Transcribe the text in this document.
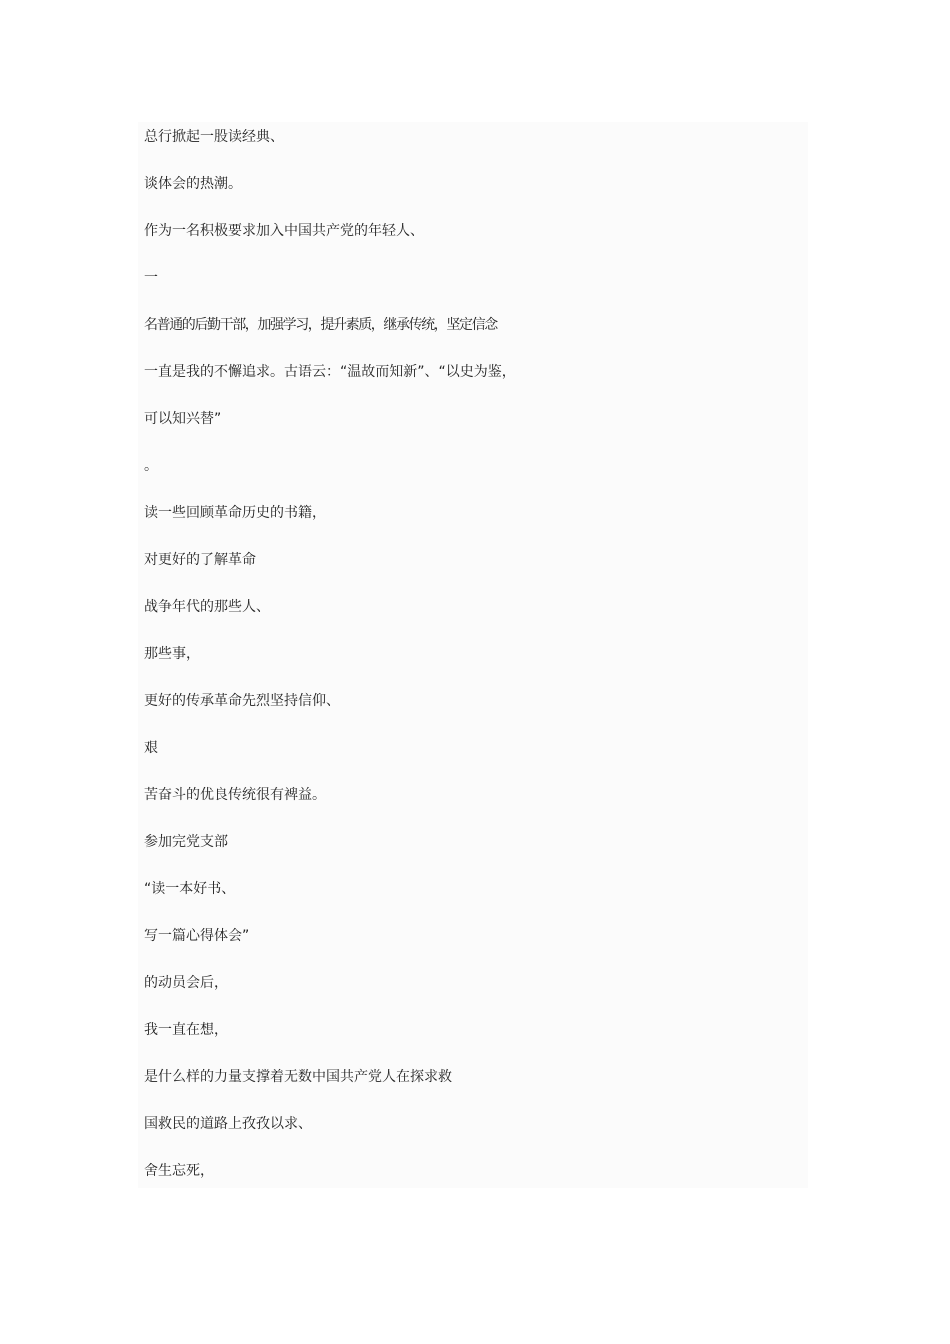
总行掀起一股读经典、
谈体会的热潮。
作为一名积极要求加入中国共产党的年轻人、
一
名普通的后勤干部，加强学习，提升素质，继承传统，坚定信念
一直是我的不懈追求。古语云：“温故而知新”、“以史为鉴，
可以知兴替”
。
读一些回顾革命历史的书籍，
对更好的了解革命
战争年代的那些人、
那些事，
更好的传承革命先烈坚持信仰、
艰
苦奋斗的优良传统很有裨益。
参加完党支部
“读一本好书、
写一篇心得体会”
的动员会后，
我一直在想，
是什么样的力量支撑着无数中国共产党人在探求救
国救民的道路上孜孜以求、
舍生忘死，
